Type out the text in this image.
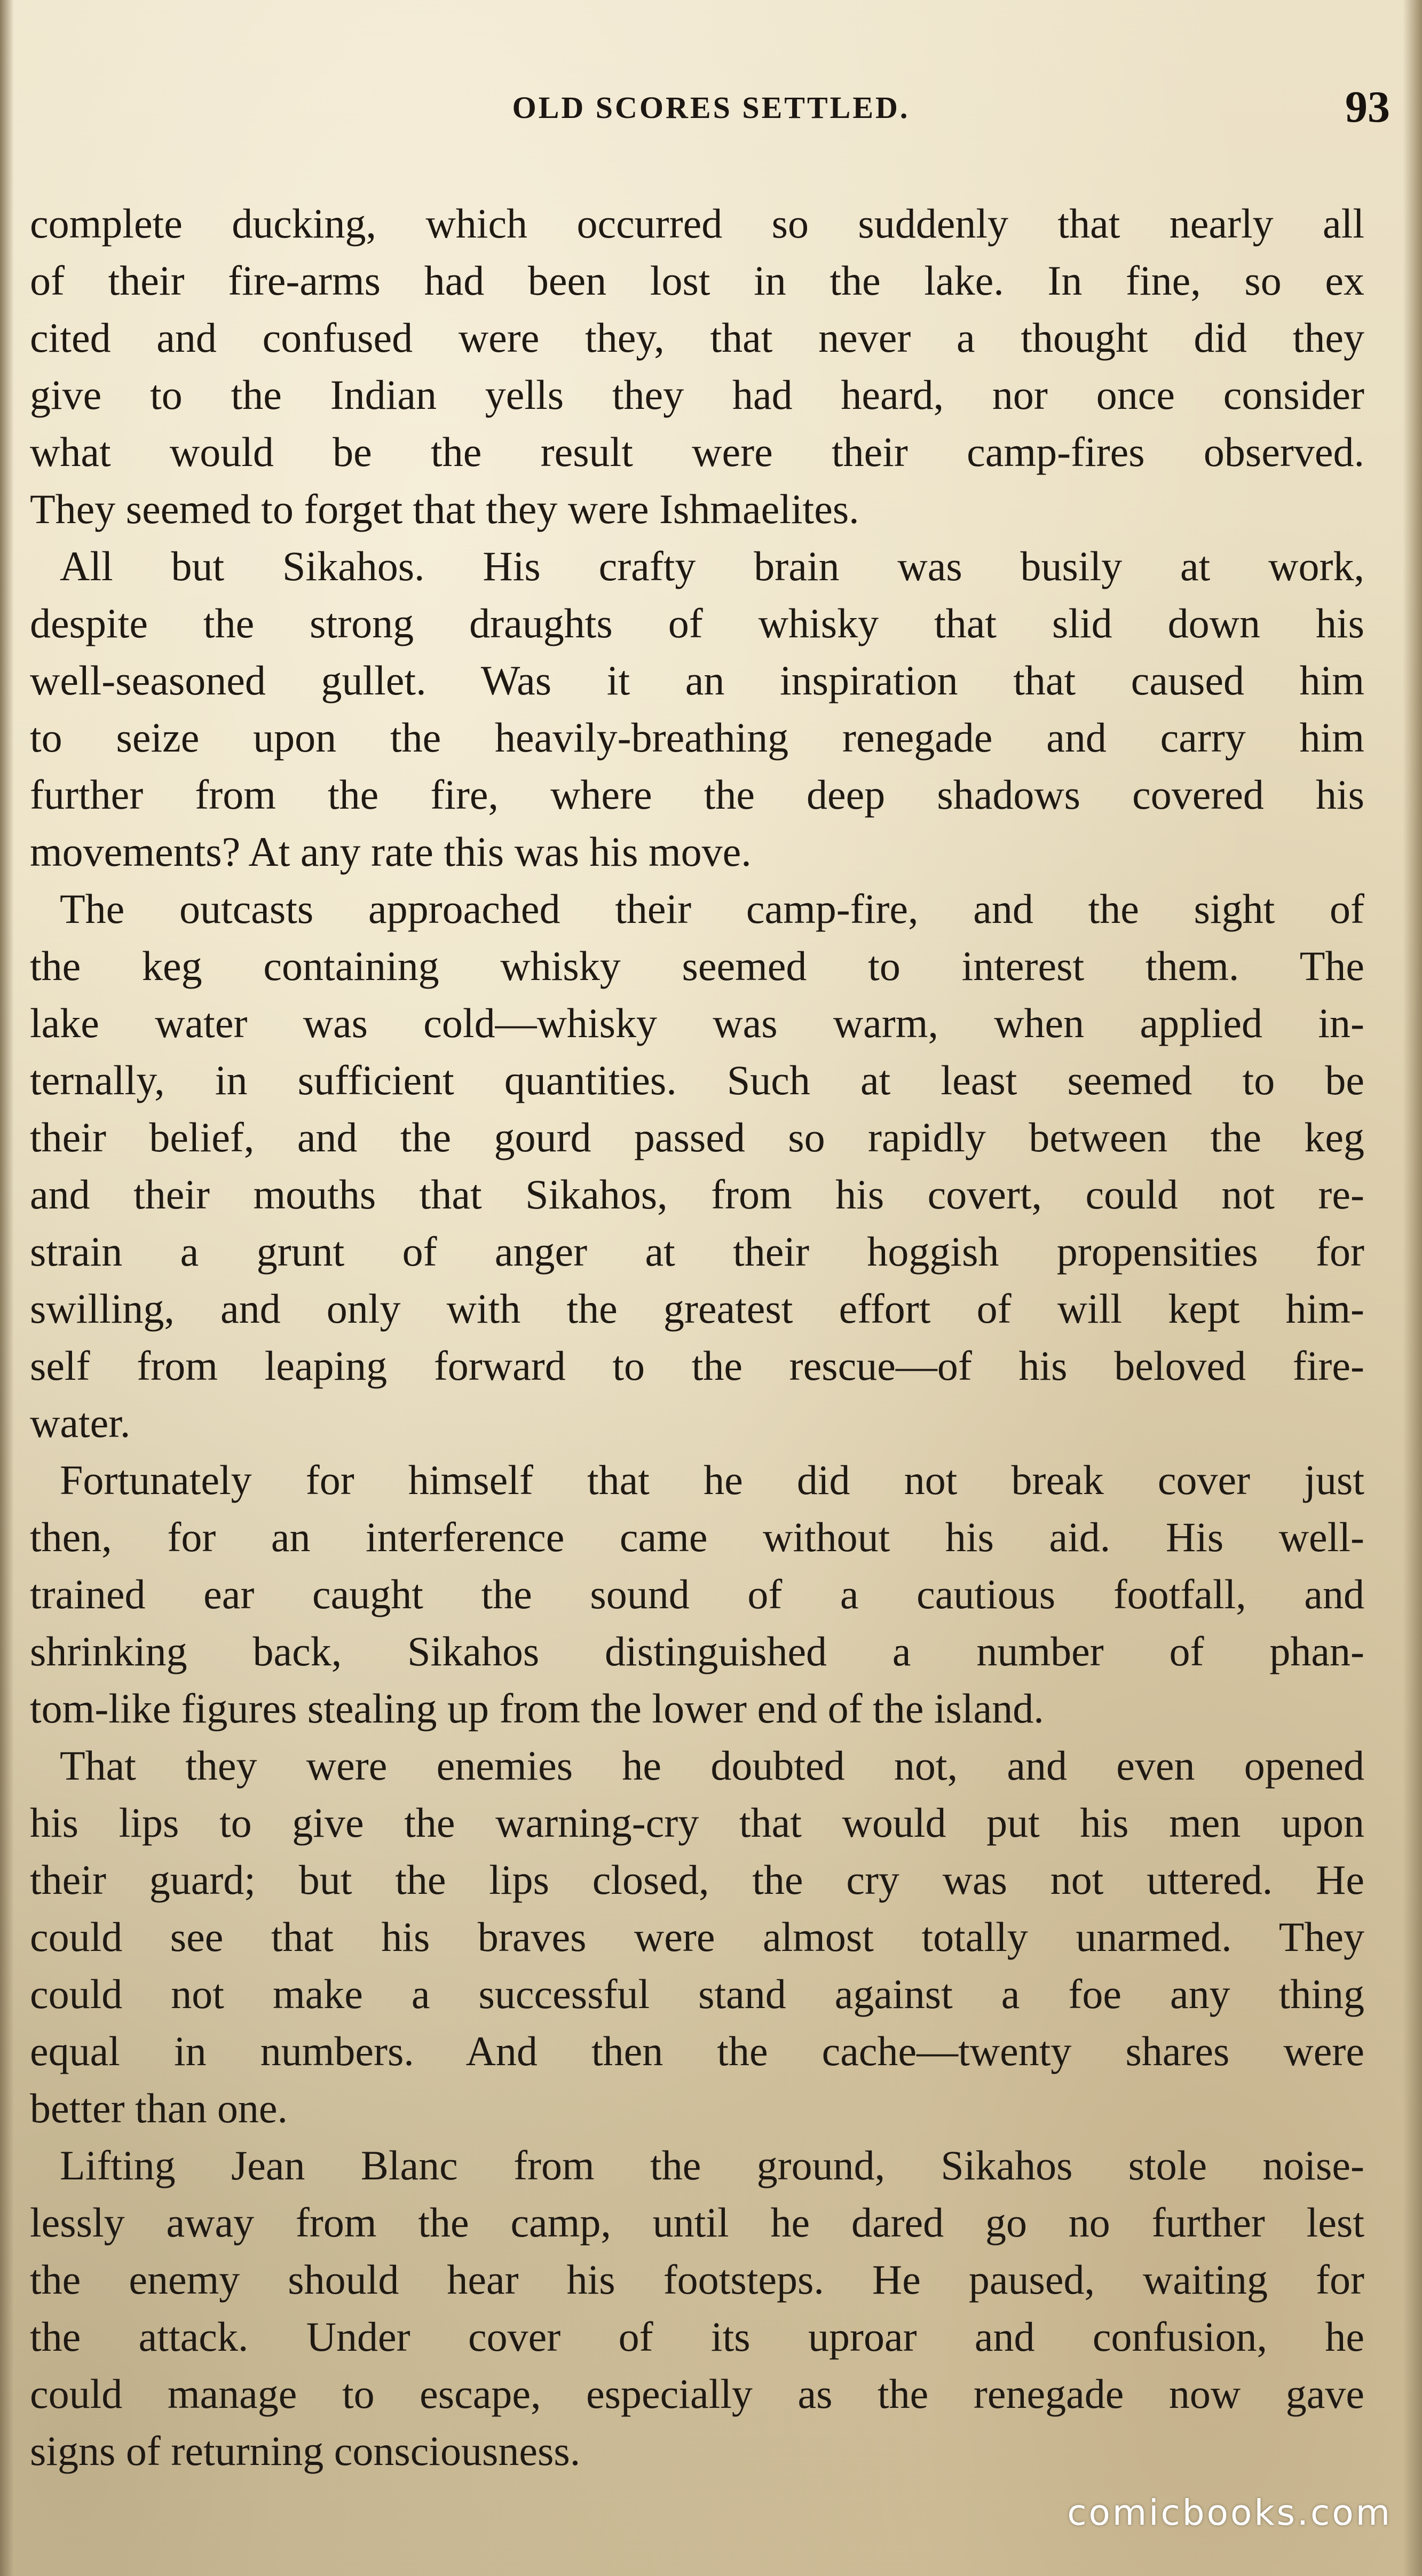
OLD SCORES SETTLED.	93
complete ducking, which occurred so suddenly that nearly all
of their fire-arms had been lost in the lake. In fine, so ex
cited and confused were they, that never a thought did they
give to the Indian yells they had heard, nor once consider
what would be the result were their camp-fires observed.
They seemed to forget that they were Ishmaelites.
All but Sikahos. His crafty brain was busily at work,
despite the strong draughts of whisky that slid down his
well-seasoned gullet. Was it an inspiration that caused him
to seize upon the heavily-breathing renegade and carry him
further from the fire, where the deep shadows covered his
movements? At any rate this was his move.
The outcasts approached their camp-fire, and the sight of
the keg containing whisky seemed to interest them. The
lake water was cold—whisky was warm, when applied in-
ternally, in sufficient quantities. Such at least seemed to be
their belief, and the gourd passed so rapidly between the keg
and their mouths that Sikahos, from his covert, could not re-
strain a grunt of anger at their hoggish propensities for
swilling, and only with the greatest effort of will kept him-
self from leaping forward to the rescue—of his beloved fire-
water.
Fortunately for himself that he did not break cover just
then, for an interference came without his aid. His well-
trained ear caught the sound of a cautious footfall, and
shrinking back, Sikahos distinguished a number of phan-
tom-like figures stealing up from the lower end of the island.
That they were enemies he doubted not, and even opened
his lips to give the warning-cry that would put his men upon
their guard; but the lips closed, the cry was not uttered. He
could see that his braves were almost totally unarmed. They
could not make a successful stand against a foe any thing
equal in numbers. And then the cache—twenty shares were
better than one.
Lifting Jean Blanc from the ground, Sikahos stole noise-
lessly away from the camp, until he dared go no further lest
the enemy should hear his footsteps. He paused, waiting for
the attack. Under cover of its uproar and confusion, he
could manage to escape, especially as the renegade now gave
signs of returning consciousness.
comicbooks.com
